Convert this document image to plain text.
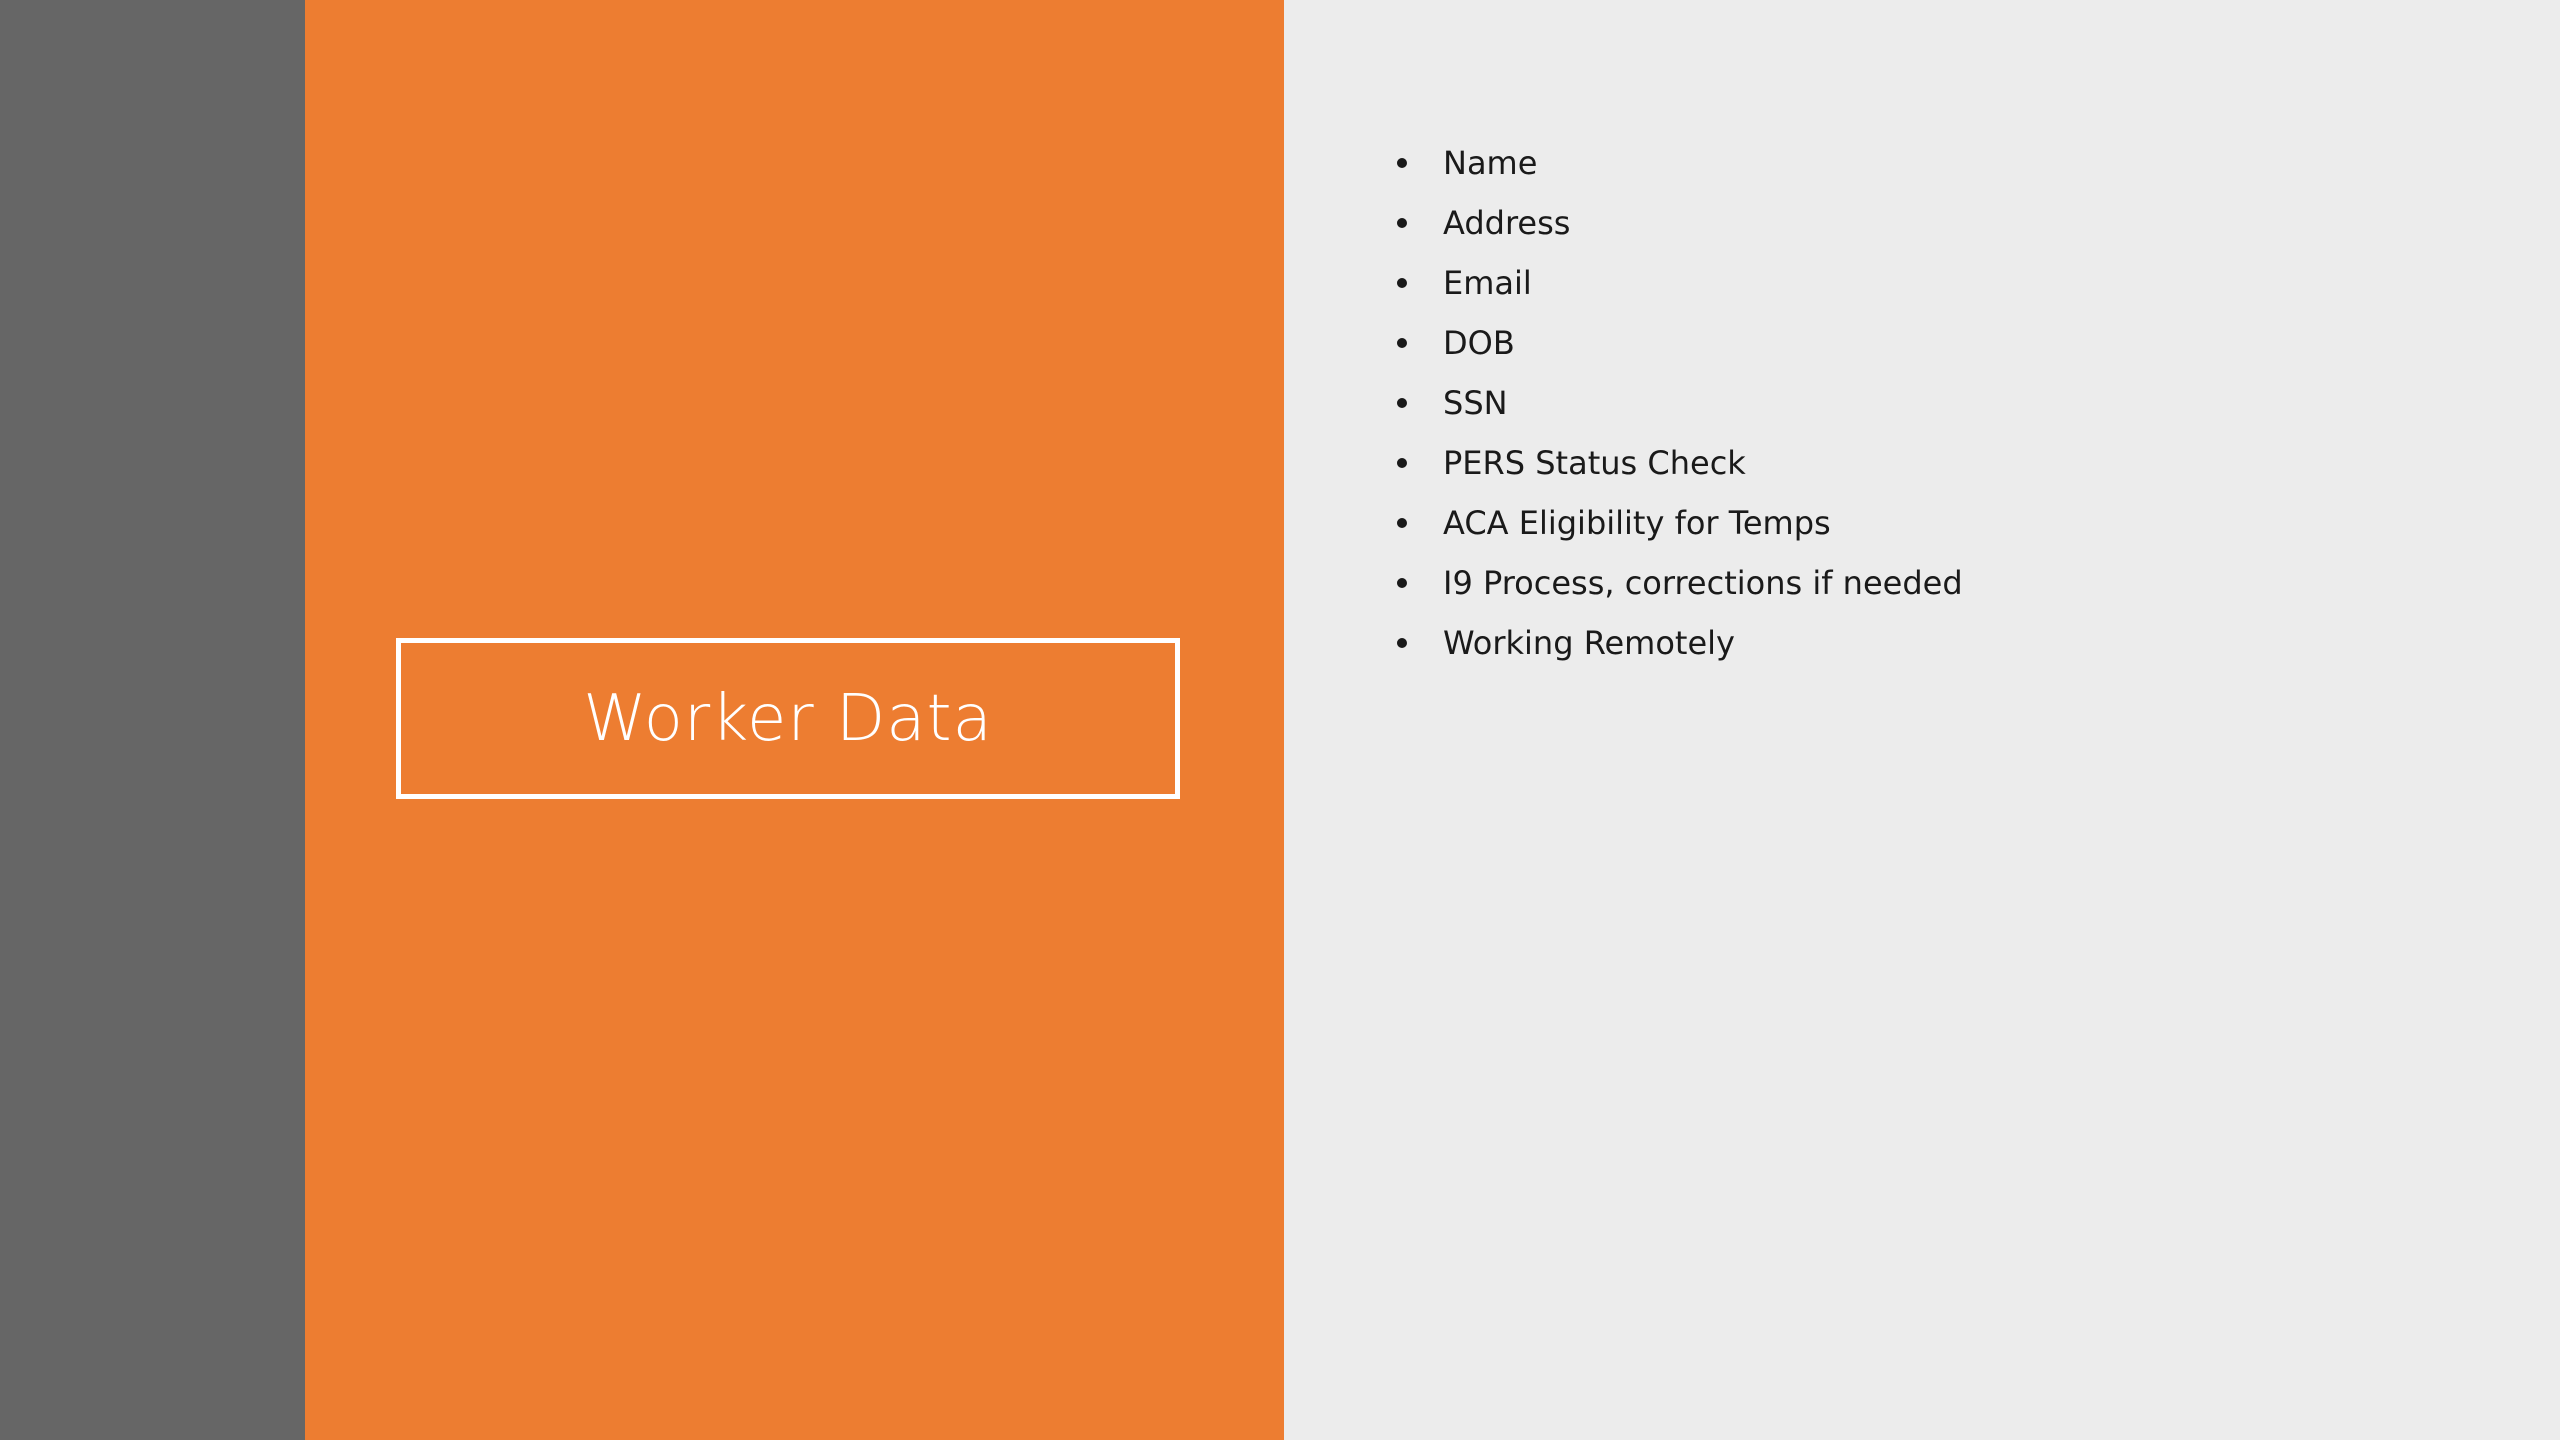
Worker Data
Name
Address
Email
DOB
SSN
PERS Status Check
ACA Eligibility for Temps
I9 Process, corrections if needed
Working Remotely
